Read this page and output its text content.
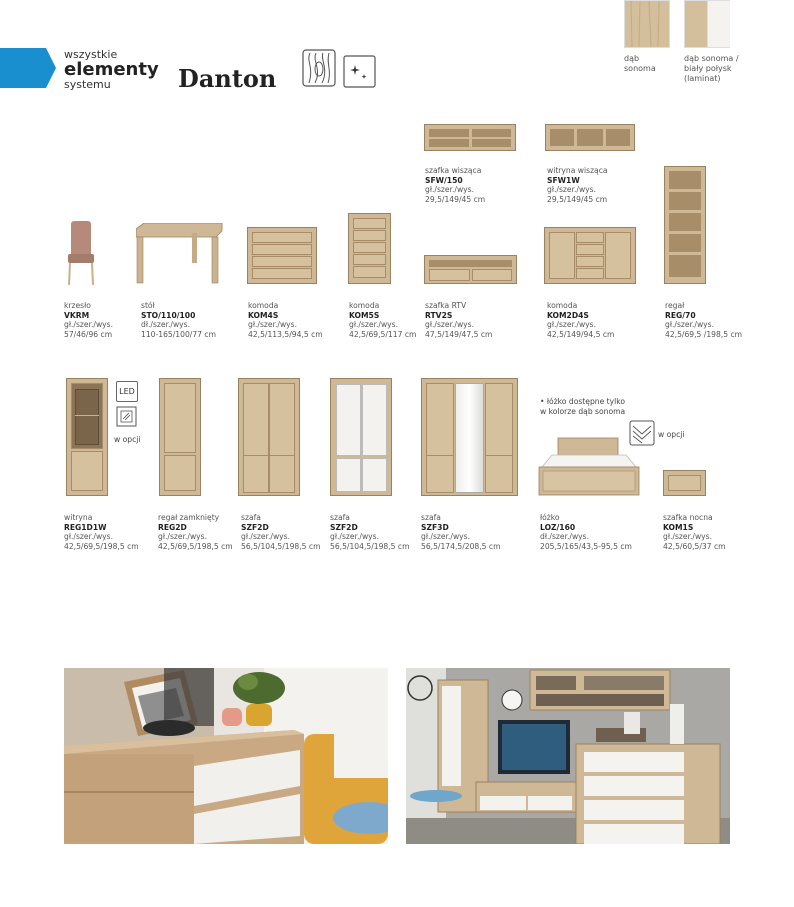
wszystkie
elementy
systemu	Danton
dąb
sonoma
dąb sonoma /
biały połysk
(laminat)
szafka wisząca
SFW/150
gł./szer./wys.
29,5/149/45 cm
witryna wisząca
SFW1W
gł./szer./wys.
29,5/149/45 cm
krzesło
VKRM
gł./szer./wys.
57/46/96 cm
stół
STO/110/100
dł./szer./wys.
110-165/100/77 cm
komoda
KOM4S
gł./szer./wys.
42,5/113,5/94,5 cm
komoda
KOM5S
gł./szer./wys.
42,5/69,5/117 cm
szafka RTV
RTV2S
gł./szer./wys.
47,5/149/47,5 cm
komoda
KOM2D4S
gł./szer./wys.
42,5/149/94,5 cm
regał
REG/70
gł./szer./wys.
42,5/69,5 /198,5 cm
LED
w opcji
witryna
REG1D1W
gł./szer./wys.
42,5/69,5/198,5 cm
regał zamknięty
REG2D
gł./szer./wys.
42,5/69,5/198,5 cm
szafa
SZF2D
gł./szer./wys.
56,5/104,5/198,5 cm
szafa
SZF2D
gł./szer./wys.
56,5/104,5/198,5 cm
szafa
SZF3D
gł./szer./wys.
56,5/174,5/208,5 cm
• łóżko dostępne tylko
w kolorze dąb sonoma
w opcji
łóżko
LOZ/160
dł./szer./wys.
205,5/165/43,5-95,5 cm
szafka nocna
KOM1S
gł./szer./wys.
42,5/60,5/37 cm
